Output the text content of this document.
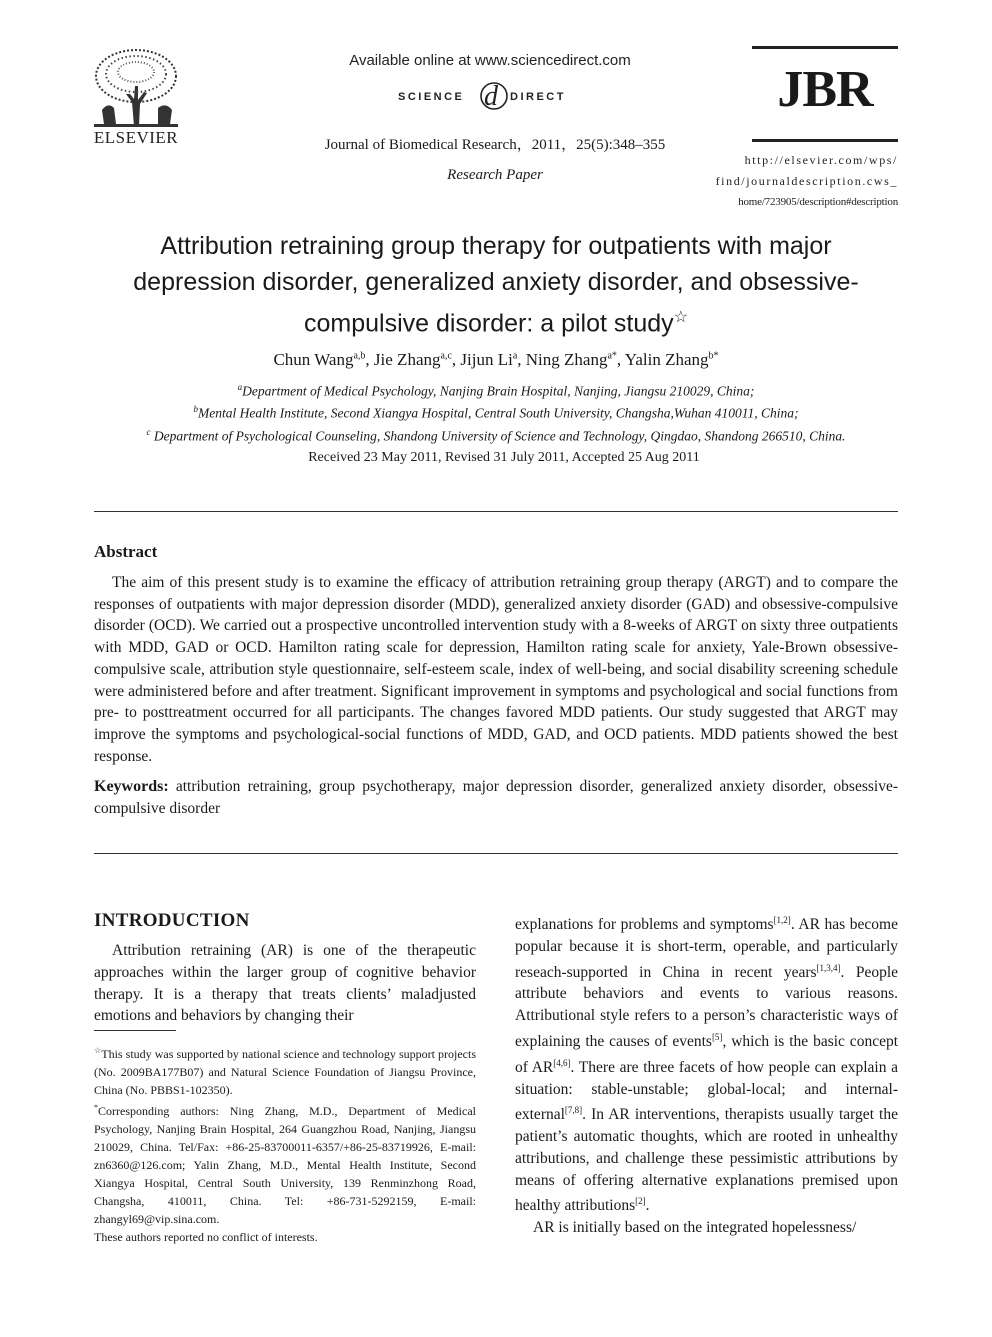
ELSEVIER
Available online at www.sciencedirect.com
SCIENCE d DIRECT
Journal of Biomedical Research，2011，25(5):348–355
Research Paper
JBR
http://elsevier.com/wps/
find/journaldescription.cws_
home/723905/description#description
Attribution retraining group therapy for outpatients with major
depression disorder, generalized anxiety disorder, and obsessive-
compulsive disorder: a pilot study☆
Chun Wang$^{a,b}$, Jie Zhang$^{a,c}$, Jijun Li$^a$, Ning Zhang$^{a*}$, Yalin Zhang$^{b*}$
$^a$Department of Medical Psychology, Nanjing Brain Hospital, Nanjing, Jiangsu 210029, China;
$^b$Mental Health Institute, Second Xiangya Hospital, Central South University, Changsha,Wuhan 410011, China;
$^c$ Department of Psychological Counseling, Shandong University of Science and Technology, Qingdao, Shandong 266510, China.
Received 23 May 2011, Revised 31 July 2011, Accepted 25 Aug 2011
Abstract
The aim of this present study is to examine the efficacy of attribution retraining group therapy (ARGT) and to compare the responses of outpatients with major depression disorder (MDD), generalized anxiety disorder (GAD) and obsessive-compulsive disorder (OCD). We carried out a prospective uncontrolled intervention study with a 8-weeks of ARGT on sixty three outpatients with MDD, GAD or OCD. Hamilton rating scale for depression, Hamilton rating scale for anxiety, Yale-Brown obsessive-compulsive scale, attribution style questionnaire, self-esteem scale, index of well-being, and social disability screening schedule were administered before and after treatment. Significant improvement in symptoms and psychological and social functions from pre- to posttreatment occurred for all participants. The changes favored MDD patients. Our study suggested that ARGT may improve the symptoms and psychological-social functions of MDD, GAD, and OCD patients. MDD patients showed the best response.
Keywords: attribution retraining, group psychotherapy, major depression disorder, generalized anxiety disorder, obsessive-compulsive disorder
INTRODUCTION
Attribution retraining (AR) is one of the therapeutic approaches within the larger group of cognitive behavior therapy. It is a therapy that treats clients’ maladjusted emotions and behaviors by changing their

☆This study was supported by national science and technology support projects (No. 2009BA177B07) and Natural Science Foundation of Jiangsu Province, China (No. PBBS1-102350).

*Corresponding authors: Ning Zhang, M.D., Department of Medical Psychology, Nanjing Brain Hospital, 264 Guangzhou Road, Nanjing, Jiangsu 210029, China. Tel/Fax: +86-25-83700011-6357/+86-25-83719926, E-mail: zn6360@126.com; Yalin Zhang, M.D., Mental Health Institute, Second Xiangya Hospital, Central South University, 139 Renminzhong Road, Changsha, 410011, China. Tel: +86-731-5292159, E-mail: zhangyl69@vip.sina.com.

These authors reported no conflict of interests.

explanations for problems and symptoms[1,2]. AR has become popular because it is short-term, operable, and particularly reseach-supported in China in recent years[1,3,4]. People attribute behaviors and events to various reasons. Attributional style refers to a person’s characteristic ways of explaining the causes of events[5], which is the basic concept of AR[4,6]. There are three facets of how people can explain a situation: stable-unstable; global-local; and internal-external[7,8]. In AR interventions, therapists usually target the patient’s automatic thoughts, which are rooted in unhealthy attributions, and challenge these pessimistic attributions by means of offering alternative explanations premised upon healthy attributions[2].

AR is initially based on the integrated hopelessness/
